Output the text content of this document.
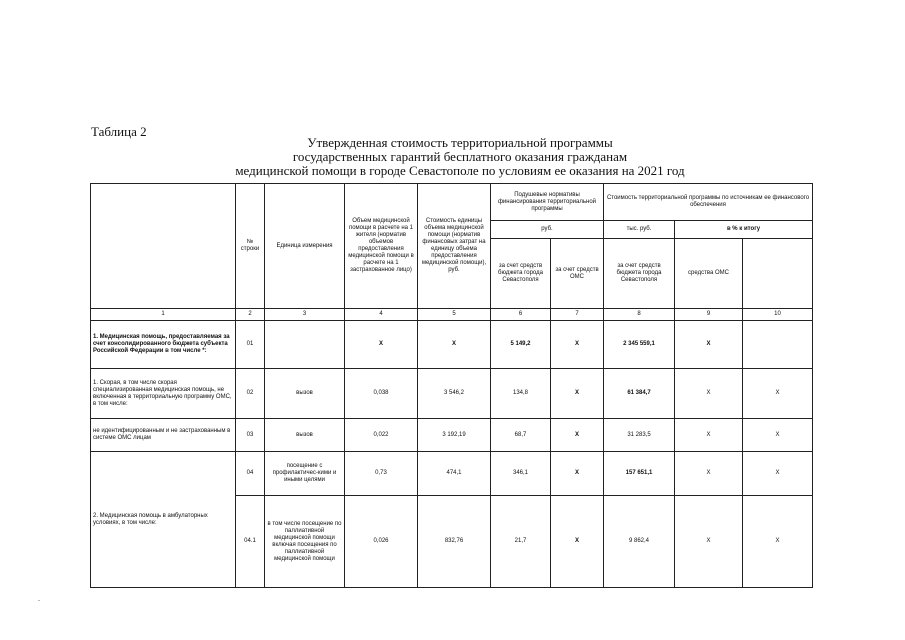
Таблица 2
Утвержденная стоимость территориальной программы
государственных гарантий бесплатного оказания гражданам
медицинской помощи в городе Севастополе по условиям ее оказания на 2021 год
	№ строки	Единица измерения	Объем медицинской помощи в расчете на 1 жителя (норматив объемов предоставления медицинской помощи в расчете на 1 застрахованное лицо)	Стоимость единицы объема медицинской помощи (норматив финансовых затрат на единицу объема предоставления медицинской помощи), руб.	Подушевые нормативы финансирования территориальной программы		Стоимость территориальной программы по источникам ее финансового обеспечения		
					руб.		тыс. руб.	в % к итогу	
					за счет средств бюджета города Севастополя	за счет средств ОМС	за счет средств бюджета города Севастополя	средства ОМС	
1	2	3	4	5	6	7	8	9	10
1. Медицинская помощь, предоставляемая за счет консолидированного бюджета субъекта Российской Федерации в том числе *:	01		X	X	5 149,2	X	2 345 559,1	X	
1. Скорая, в том числе скорая специализированная медицинская помощь, не включенная в территориальную программу ОМС, в том числе:	02	вызов	0,038	3 546,2	134,8	X	61 384,7	X	X
не идентифицированным и не застрахованным в системе ОМС лицам	03	вызов	0,022	3 192,19	68,7	X	31 283,5	X	X
2. Медицинская помощь в амбулаторных условиях, в том числе:	04	посещение с профилактичес-кими и иными целями	0,73	474,1	346,1	X	157 651,1	X	X
	04.1	в том числе посещение по паллиативной медицинской помощи включая посещения по паллиативной медицинской помощи	0,026	832,76	21,7	X	9 862,4	X	X
-
